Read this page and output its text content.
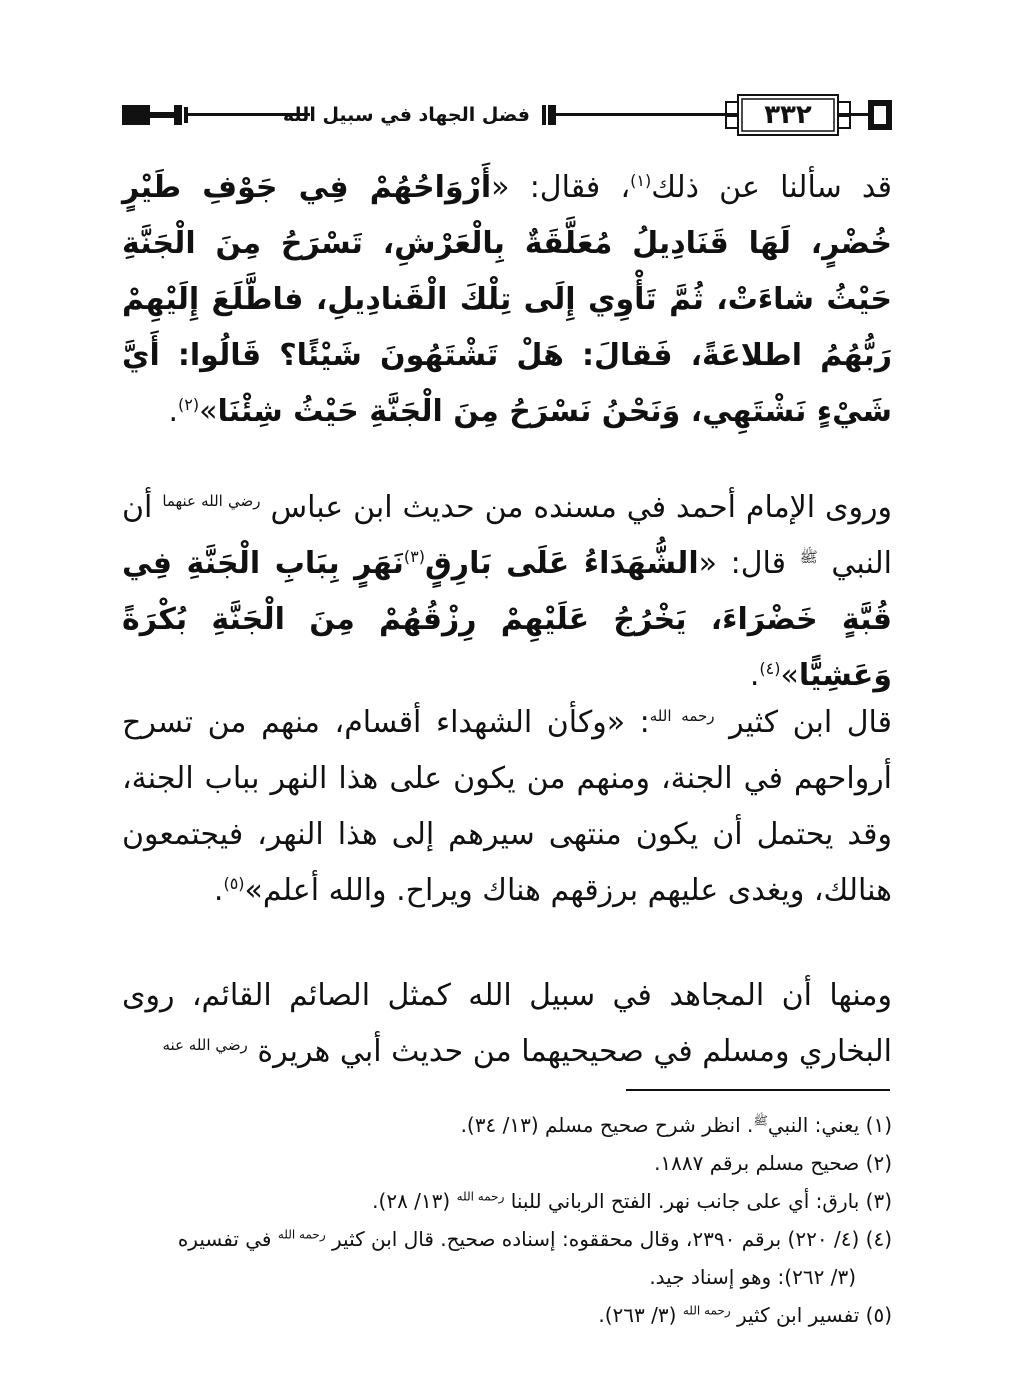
فضل الجهاد في سبيل الله	٣٣٢
قد سألنا عن ذلك$^{(١)}$، فقال: «أَرْوَاحُهُمْ فِي جَوْفِ طَيْرٍ خُضْرٍ، لَهَا قَنَادِيلُ مُعَلَّقَةٌ بِالْعَرْشِ، تَسْرَحُ مِنَ الْجَنَّةِ حَيْثُ شاءَتْ، ثُمَّ تَأْوِي إِلَى تِلْكَ الْقَنادِيلِ، فاطَّلَعَ إِلَيْهِمْ رَبُّهُمُ اطلاعَةً، فَقالَ: هَلْ تَشْتَهُونَ شَيْئًا؟ قَالُوا: أَيَّ شَيْءٍ نَشْتَهِي، وَنَحْنُ نَسْرَحُ مِنَ الْجَنَّةِ حَيْثُ شِئْنَا»$^{(٢)}$.
وروى الإمام أحمد في مسنده من حديث ابن عباس $^{رضي الله عنهما}$ أن النبي $^ﷺ$ قال: «الشُّهَدَاءُ عَلَى بَارِقٍ$^{(٣)}$نَهَرٍ بِبَابِ الْجَنَّةِ فِي قُبَّةٍ خَضْرَاءَ، يَخْرُجُ عَلَيْهِمْ رِزْقُهُمْ مِنَ الْجَنَّةِ بُكْرَةً وَعَشِيًّا»$^{(٤)}$.
قال ابن كثير $^{رحمه الله}$: «وكأن الشهداء أقسام، منهم من تسرح أرواحهم في الجنة، ومنهم من يكون على هذا النهر بباب الجنة، وقد يحتمل أن يكون منتهى سيرهم إلى هذا النهر، فيجتمعون هنالك، ويغدى عليهم برزقهم هناك ويراح. والله أعلم»$^{(٥)}$.
ومنها أن المجاهد في سبيل الله كمثل الصائم القائم، روى البخاري ومسلم في صحيحيهما من حديث أبي هريرة $^{رضي الله عنه}$

(١) يعني: النبي$^ﷺ$. انظر شرح صحيح مسلم (١٣/ ٣٤).

(٢) صحيح مسلم برقم ١٨٨٧.

(٣) بارق: أي على جانب نهر. الفتح الرباني للبنا $^{رحمه الله}$ (١٣/ ٢٨).

(٤) (٤/ ٢٢٠) برقم ٢٣٩٠، وقال محققوه: إسناده صحيح. قال ابن كثير $^{رحمه الله}$ في تفسيره
(٣/ ٢٦٢): وهو إسناد جيد.

(٥) تفسير ابن كثير $^{رحمه الله}$ (٣/ ٢٦٣).
